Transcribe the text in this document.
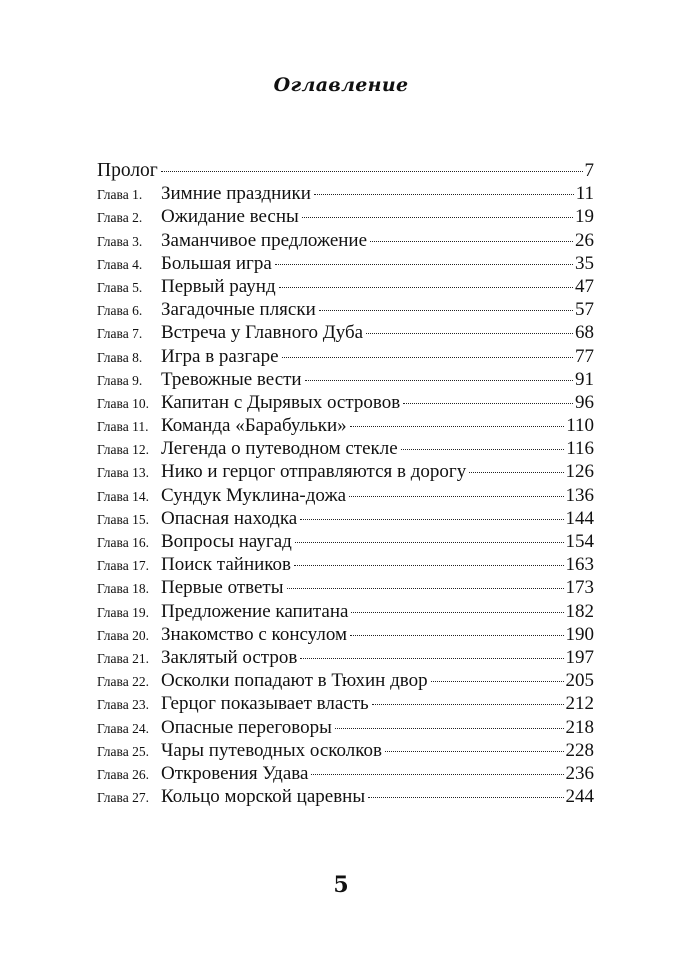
Оглавление
Пролог	7
Глава 1. Зимние праздники	11
Глава 2. Ожидание весны	19
Глава 3. Заманчивое предложение	26
Глава 4. Большая игра	35
Глава 5. Первый раунд	47
Глава 6. Загадочные пляски	57
Глава 7. Встреча у Главного Дуба	68
Глава 8. Игра в разгаре	77
Глава 9. Тревожные вести	91
Глава 10. Капитан с Дырявых островов	96
Глава 11. Команда «Барабульки»	110
Глава 12. Легенда о путеводном стекле	116
Глава 13. Нико и герцог отправляются в дорогу	126
Глава 14. Сундук Муклина-дожа	136
Глава 15. Опасная находка	144
Глава 16. Вопросы наугад	154
Глава 17. Поиск тайников	163
Глава 18. Первые ответы	173
Глава 19. Предложение капитана	182
Глава 20. Знакомство с консулом	190
Глава 21. Заклятый остров	197
Глава 22. Осколки попадают в Тюхин двор	205
Глава 23. Герцог показывает власть	212
Глава 24. Опасные переговоры	218
Глава 25. Чары путеводных осколков	228
Глава 26. Откровения Удава	236
Глава 27. Кольцо морской царевны	244
5
